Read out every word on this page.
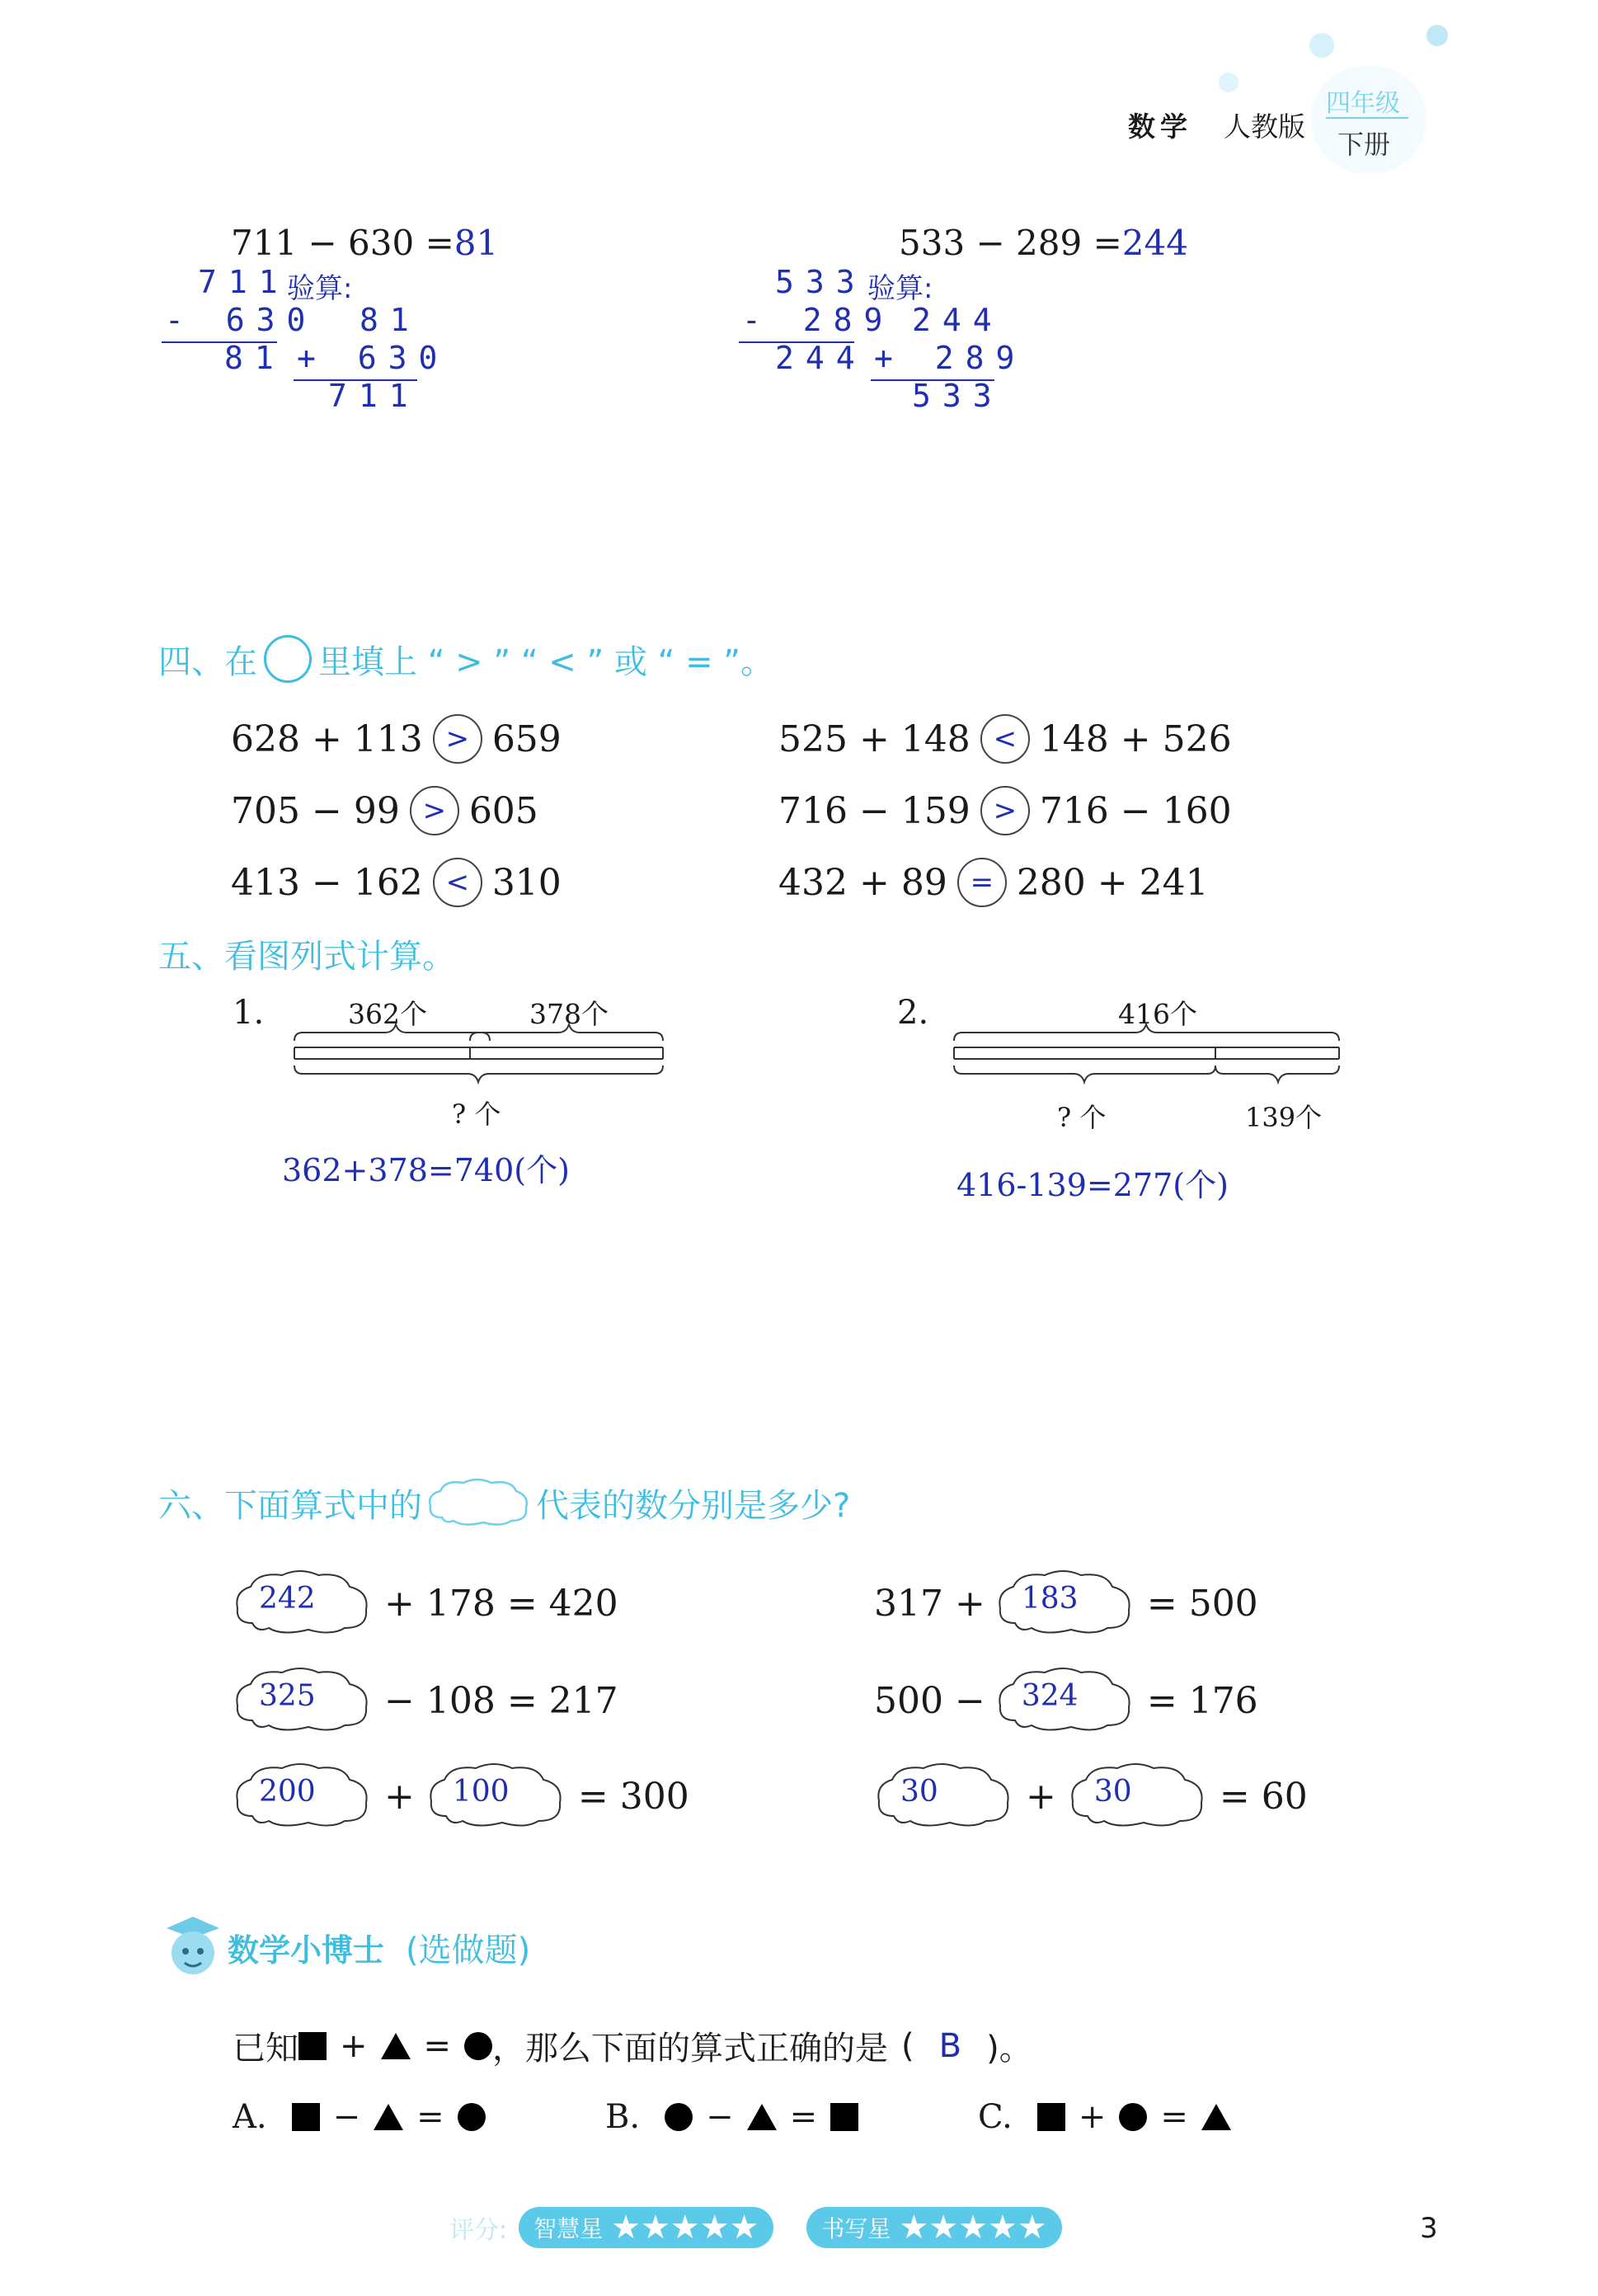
数学 人教版
四年级
下册
711 − 630 =81
711
验算:
- 630
81
81
+ 630
711
533 − 289 =244
533 验算:
- 289
244
244
+ 289
533
四、在 里填上 “ > ” “ < ” 或 “ = ”。
628 + 113 > 659
705 − 99 > 605
413 − 162 < 310
525 + 148 < 148 + 526
716 − 159 > 716 − 160
432 + 89 = 280 + 241
五、看图列式计算。
1.	362个	378个
? 个
362+378=740(个)
2.	416个
? 个	139个
416-139=277(个)
六、下面算式中的	代表的数分别是多少?
242 + 178 = 420
325 − 108 = 217
200 + 100 = 300
317 + 183 = 500
500 − 324 = 176
30 + 30 = 60
数学小博士 (选做题)
已知 + = ，那么下面的算式正确的是 ( B )。
A. − =	B. − =	C. + =
评分: 智慧星 ★★★★★	书写星 ★★★★★	3
